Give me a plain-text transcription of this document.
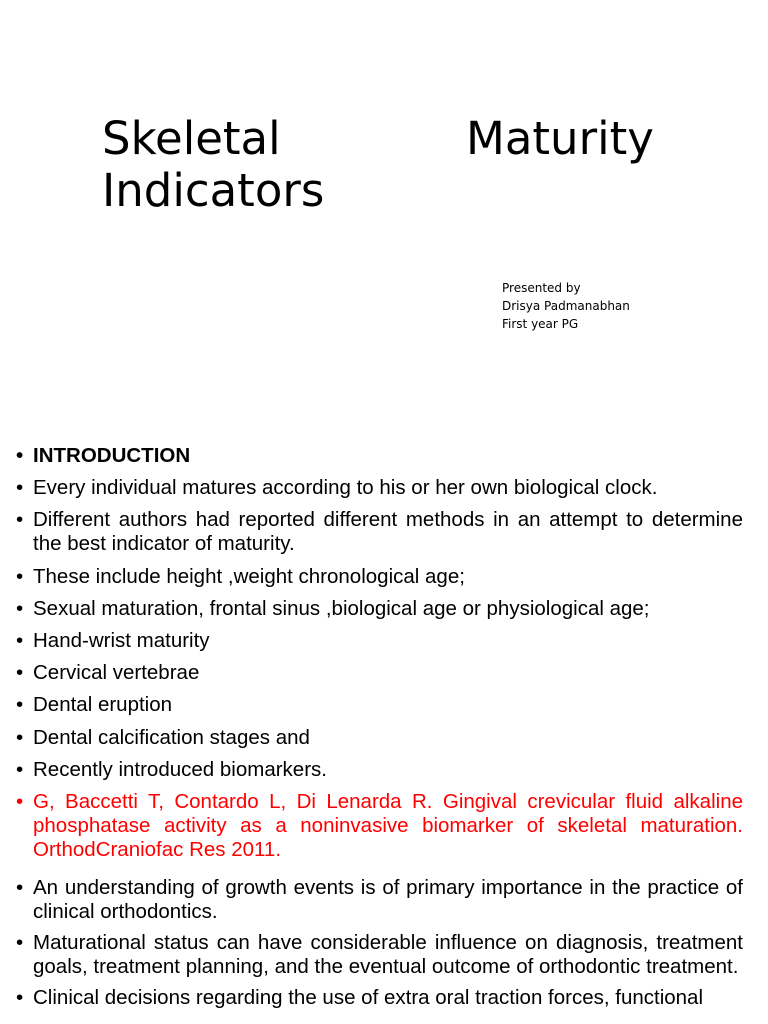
Skeletal	Maturity
Indicators
Presented by
Drisya Padmanabhan
First year PG
• INTRODUCTION
• Every individual matures according to his or her own biological clock.
• Different authors had reported different methods in an attempt to determine the best indicator of maturity.
• These include height ,weight chronological age;
• Sexual maturation, frontal sinus ,biological age or physiological age;
• Hand-wrist maturity
• Cervical vertebrae
• Dental eruption
• Dental calcification stages and
• Recently introduced biomarkers.
• G, Baccetti T, Contardo L, Di Lenarda R. Gingival crevicular fluid alkaline phosphatase activity as a noninvasive biomarker of skeletal maturation. OrthodCraniofac Res 2011.
• An understanding of growth events is of primary importance in the practice of clinical orthodontics.
• Maturational status can have considerable influence on diagnosis, treatment goals, treatment planning, and the eventual outcome of orthodontic treatment.
• Clinical decisions regarding the use of extra oral traction forces, functional
